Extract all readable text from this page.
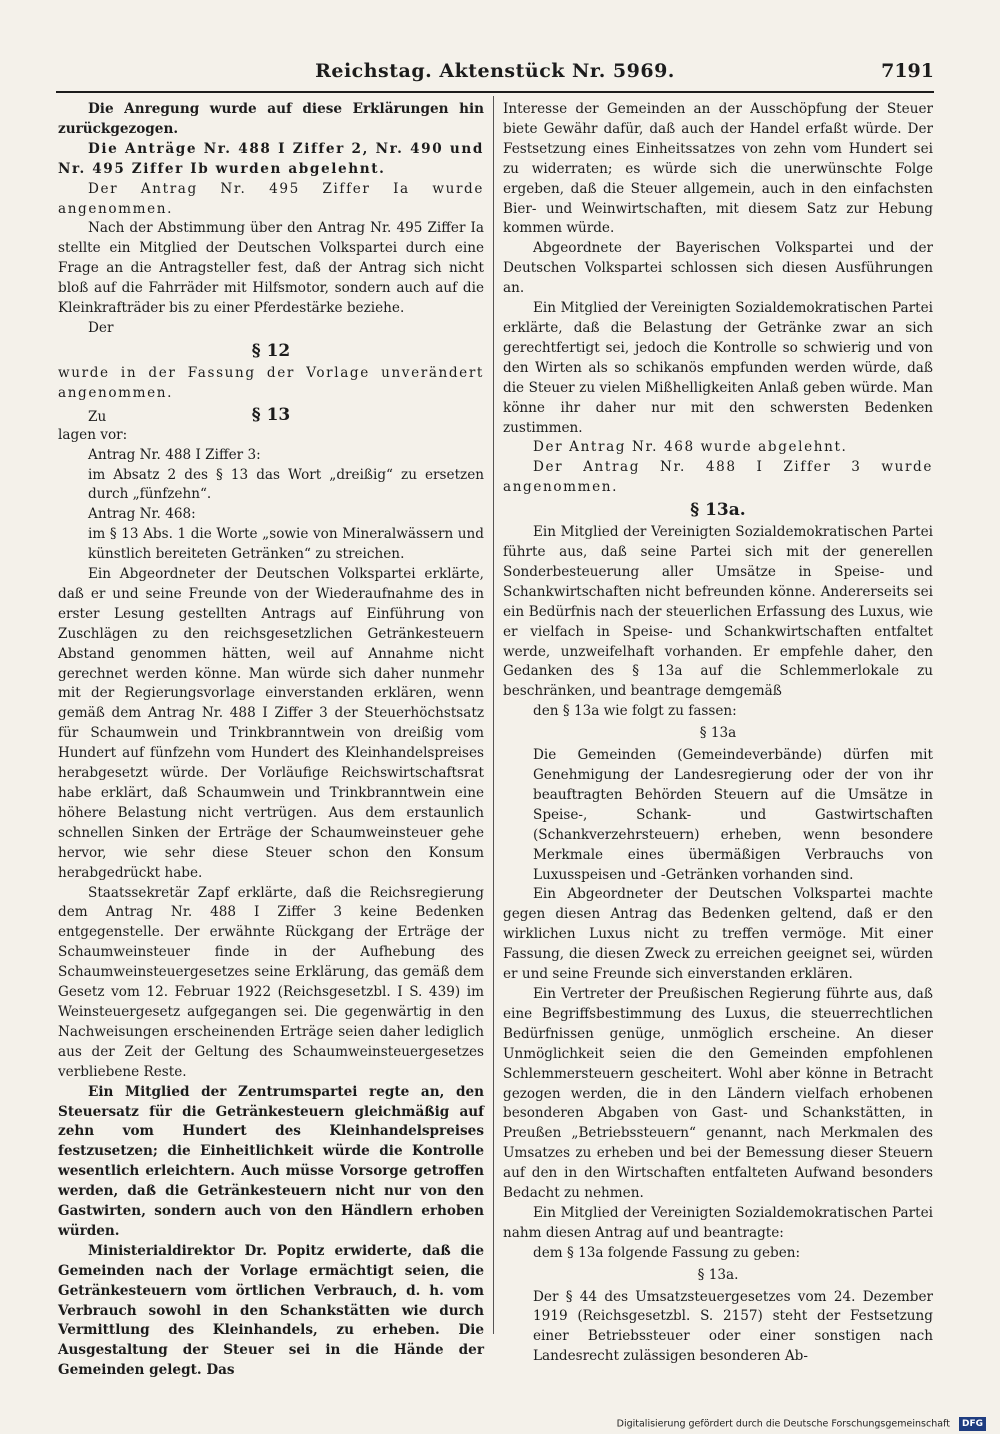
Reichstag. Aktenstück Nr. 5969.	7191

Die Anregung wurde auf diese Erklärungen hin zurückgezogen.

Die Anträge Nr. 488 I Ziffer 2, Nr. 490 und Nr. 495 Ziffer Ib wurden abgelehnt.

Der Antrag Nr. 495 Ziffer Ia wurde angenommen.

Nach der Abstimmung über den Antrag Nr. 495 Ziffer Ia stellte ein Mitglied der Deutschen Volkspartei durch eine Frage an die Antragsteller fest, daß der Antrag sich nicht bloß auf die Fahrräder mit Hilfsmotor, sondern auch auf die Kleinkrafträder bis zu einer Pferdestärke beziehe.

Der

§ 12

wurde in der Fassung der Vorlage unverändert angenommen.

Zu	§ 13

lagen vor:

Antrag Nr. 488 I Ziffer 3:

im Absatz 2 des § 13 das Wort „dreißig“ zu ersetzen durch „fünfzehn“.

Antrag Nr. 468:

im § 13 Abs. 1 die Worte „sowie von Mineralwässern und künstlich bereiteten Getränken“ zu streichen.

Ein Abgeordneter der Deutschen Volkspartei erklärte, daß er und seine Freunde von der Wiederaufnahme des in erster Lesung gestellten Antrags auf Einführung von Zuschlägen zu den reichsgesetzlichen Getränkesteuern Abstand genommen hätten, weil auf Annahme nicht gerechnet werden könne. Man würde sich daher nunmehr mit der Regierungsvorlage einverstanden erklären, wenn gemäß dem Antrag Nr. 488 I Ziffer 3 der Steuerhöchstsatz für Schaumwein und Trinkbranntwein von dreißig vom Hundert auf fünfzehn vom Hundert des Kleinhandelspreises herabgesetzt würde. Der Vorläufige Reichswirtschaftsrat habe erklärt, daß Schaumwein und Trinkbranntwein eine höhere Belastung nicht vertrügen. Aus dem erstaunlich schnellen Sinken der Erträge der Schaumweinsteuer gehe hervor, wie sehr diese Steuer schon den Konsum herabgedrückt habe.

Staatssekretär Zapf erklärte, daß die Reichsregierung dem Antrag Nr. 488 I Ziffer 3 keine Bedenken entgegenstelle. Der erwähnte Rückgang der Erträge der Schaumweinsteuer finde in der Aufhebung des Schaumweinsteuergesetzes seine Erklärung, das gemäß dem Gesetz vom 12. Februar 1922 (Reichsgesetzbl. I S. 439) im Weinsteuergesetz aufgegangen sei. Die gegenwärtig in den Nachweisungen erscheinenden Erträge seien daher lediglich aus der Zeit der Geltung des Schaumweinsteuergesetzes verbliebene Reste.

Ein Mitglied der Zentrumspartei regte an, den Steuersatz für die Getränkesteuern gleichmäßig auf zehn vom Hundert des Kleinhandelspreises festzusetzen; die Einheitlichkeit würde die Kontrolle wesentlich erleichtern. Auch müsse Vorsorge getroffen werden, daß die Getränkesteuern nicht nur von den Gastwirten, sondern auch von den Händlern erhoben würden.

Ministerialdirektor Dr. Popitz erwiderte, daß die Gemeinden nach der Vorlage ermächtigt seien, die Getränkesteuern vom örtlichen Verbrauch, d. h. vom Verbrauch sowohl in den Schankstätten wie durch Vermittlung des Kleinhandels, zu erheben. Die Ausgestaltung der Steuer sei in die Hände der Gemeinden gelegt. Das

Interesse der Gemeinden an der Ausschöpfung der Steuer biete Gewähr dafür, daß auch der Handel erfaßt würde. Der Festsetzung eines Einheitssatzes von zehn vom Hundert sei zu widerraten; es würde sich die unerwünschte Folge ergeben, daß die Steuer allgemein, auch in den einfachsten Bier- und Weinwirtschaften, mit diesem Satz zur Hebung kommen würde.

Abgeordnete der Bayerischen Volkspartei und der Deutschen Volkspartei schlossen sich diesen Ausführungen an.

Ein Mitglied der Vereinigten Sozialdemokratischen Partei erklärte, daß die Belastung der Getränke zwar an sich gerechtfertigt sei, jedoch die Kontrolle so schwierig und von den Wirten als so schikanös empfunden werden würde, daß die Steuer zu vielen Mißhelligkeiten Anlaß geben würde. Man könne ihr daher nur mit den schwersten Bedenken zustimmen.

Der Antrag Nr. 468 wurde abgelehnt.

Der Antrag Nr. 488 I Ziffer 3 wurde angenommen.

§ 13a.

Ein Mitglied der Vereinigten Sozialdemokratischen Partei führte aus, daß seine Partei sich mit der generellen Sonderbesteuerung aller Umsätze in Speise- und Schankwirtschaften nicht befreunden könne. Andererseits sei ein Bedürfnis nach der steuerlichen Erfassung des Luxus, wie er vielfach in Speise- und Schankwirtschaften entfaltet werde, unzweifelhaft vorhanden. Er empfehle daher, den Gedanken des § 13a auf die Schlemmerlokale zu beschränken, und beantrage demgemäß

den § 13a wie folgt zu fassen:

§ 13a

Die Gemeinden (Gemeindeverbände) dürfen mit Genehmigung der Landesregierung oder der von ihr beauftragten Behörden Steuern auf die Umsätze in Speise-, Schank- und Gastwirtschaften (Schankverzehrsteuern) erheben, wenn besondere Merkmale eines übermäßigen Verbrauchs von Luxusspeisen und -Getränken vorhanden sind.

Ein Abgeordneter der Deutschen Volkspartei machte gegen diesen Antrag das Bedenken geltend, daß er den wirklichen Luxus nicht zu treffen vermöge. Mit einer Fassung, die diesen Zweck zu erreichen geeignet sei, würden er und seine Freunde sich einverstanden erklären.

Ein Vertreter der Preußischen Regierung führte aus, daß eine Begriffsbestimmung des Luxus, die steuerrechtlichen Bedürfnissen genüge, unmöglich erscheine. An dieser Unmöglichkeit seien die den Gemeinden empfohlenen Schlemmersteuern gescheitert. Wohl aber könne in Betracht gezogen werden, die in den Ländern vielfach erhobenen besonderen Abgaben von Gast- und Schankstätten, in Preußen „Betriebssteuern“ genannt, nach Merkmalen des Umsatzes zu erheben und bei der Bemessung dieser Steuern auf den in den Wirtschaften entfalteten Aufwand besonders Bedacht zu nehmen.

Ein Mitglied der Vereinigten Sozialdemokratischen Partei nahm diesen Antrag auf und beantragte:

dem § 13a folgende Fassung zu geben:

§ 13a.

Der § 44 des Umsatzsteuergesetzes vom 24. Dezember 1919 (Reichsgesetzbl. S. 2157) steht der Festsetzung einer Betriebssteuer oder einer sonstigen nach Landesrecht zulässigen besonderen Ab-

Digitalisierung gefördert durch die Deutsche Forschungsgemeinschaft DFG
